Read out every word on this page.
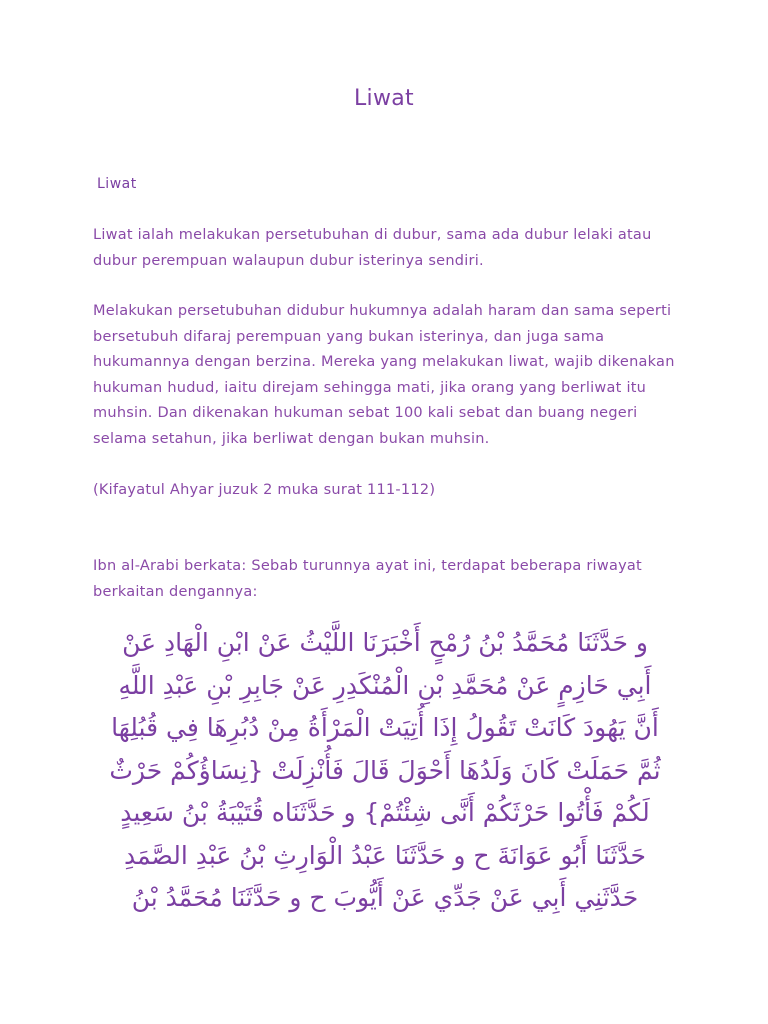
Liwat
Liwat
Liwat ialah melakukan persetubuhan di dubur, sama ada dubur lelaki atau dubur perempuan walaupun dubur isterinya sendiri.
Melakukan persetubuhan didubur hukumnya adalah haram dan sama seperti bersetubuh difaraj perempuan yang bukan isterinya, dan juga sama hukumannya dengan berzina. Mereka yang melakukan liwat, wajib dikenakan hukuman hudud, iaitu direjam sehingga mati, jika orang yang berliwat itu muhsin. Dan dikenakan hukuman sebat 100 kali sebat dan buang negeri selama setahun, jika berliwat dengan bukan muhsin.
(Kifayatul Ahyar juzuk 2 muka surat 111-112)
Ibn al-Arabi berkata: Sebab turunnya ayat ini, terdapat beberapa riwayat berkaitan dengannya:
و حَدَّثَنَا مُحَمَّدُ بْنُ رُمْحٍ أَخْبَرَنَا اللَّيْثُ عَنْ ابْنِ الْهَادِ عَنْ
أَبِي حَازِمٍ عَنْ مُحَمَّدِ بْنِ الْمُنْكَدِرِ عَنْ جَابِرِ بْنِ عَبْدِ اللَّهِ
أَنَّ يَهُودَ كَانَتْ تَقُولُ إِذَا أُتِيَتْ الْمَرْأَةُ مِنْ دُبُرِهَا فِي قُبُلِهَا
ثُمَّ حَمَلَتْ كَانَ وَلَدُهَا أَحْوَلَ قَالَ فَأُنْزِلَتْ {نِسَاؤُكُمْ حَرْثٌ
لَكُمْ فَأْتُوا حَرْثَكُمْ أَنَّى شِئْتُمْ} و حَدَّثَنَاه قُتَيْبَةُ بْنُ سَعِيدٍ
حَدَّثَنَا أَبُو عَوَانَةَ ح و حَدَّثَنَا عَبْدُ الْوَارِثِ بْنُ عَبْدِ الصَّمَدِ
حَدَّثَنِي أَبِي عَنْ جَدِّي عَنْ أَيُّوبَ ح و حَدَّثَنَا مُحَمَّدُ بْنُ
